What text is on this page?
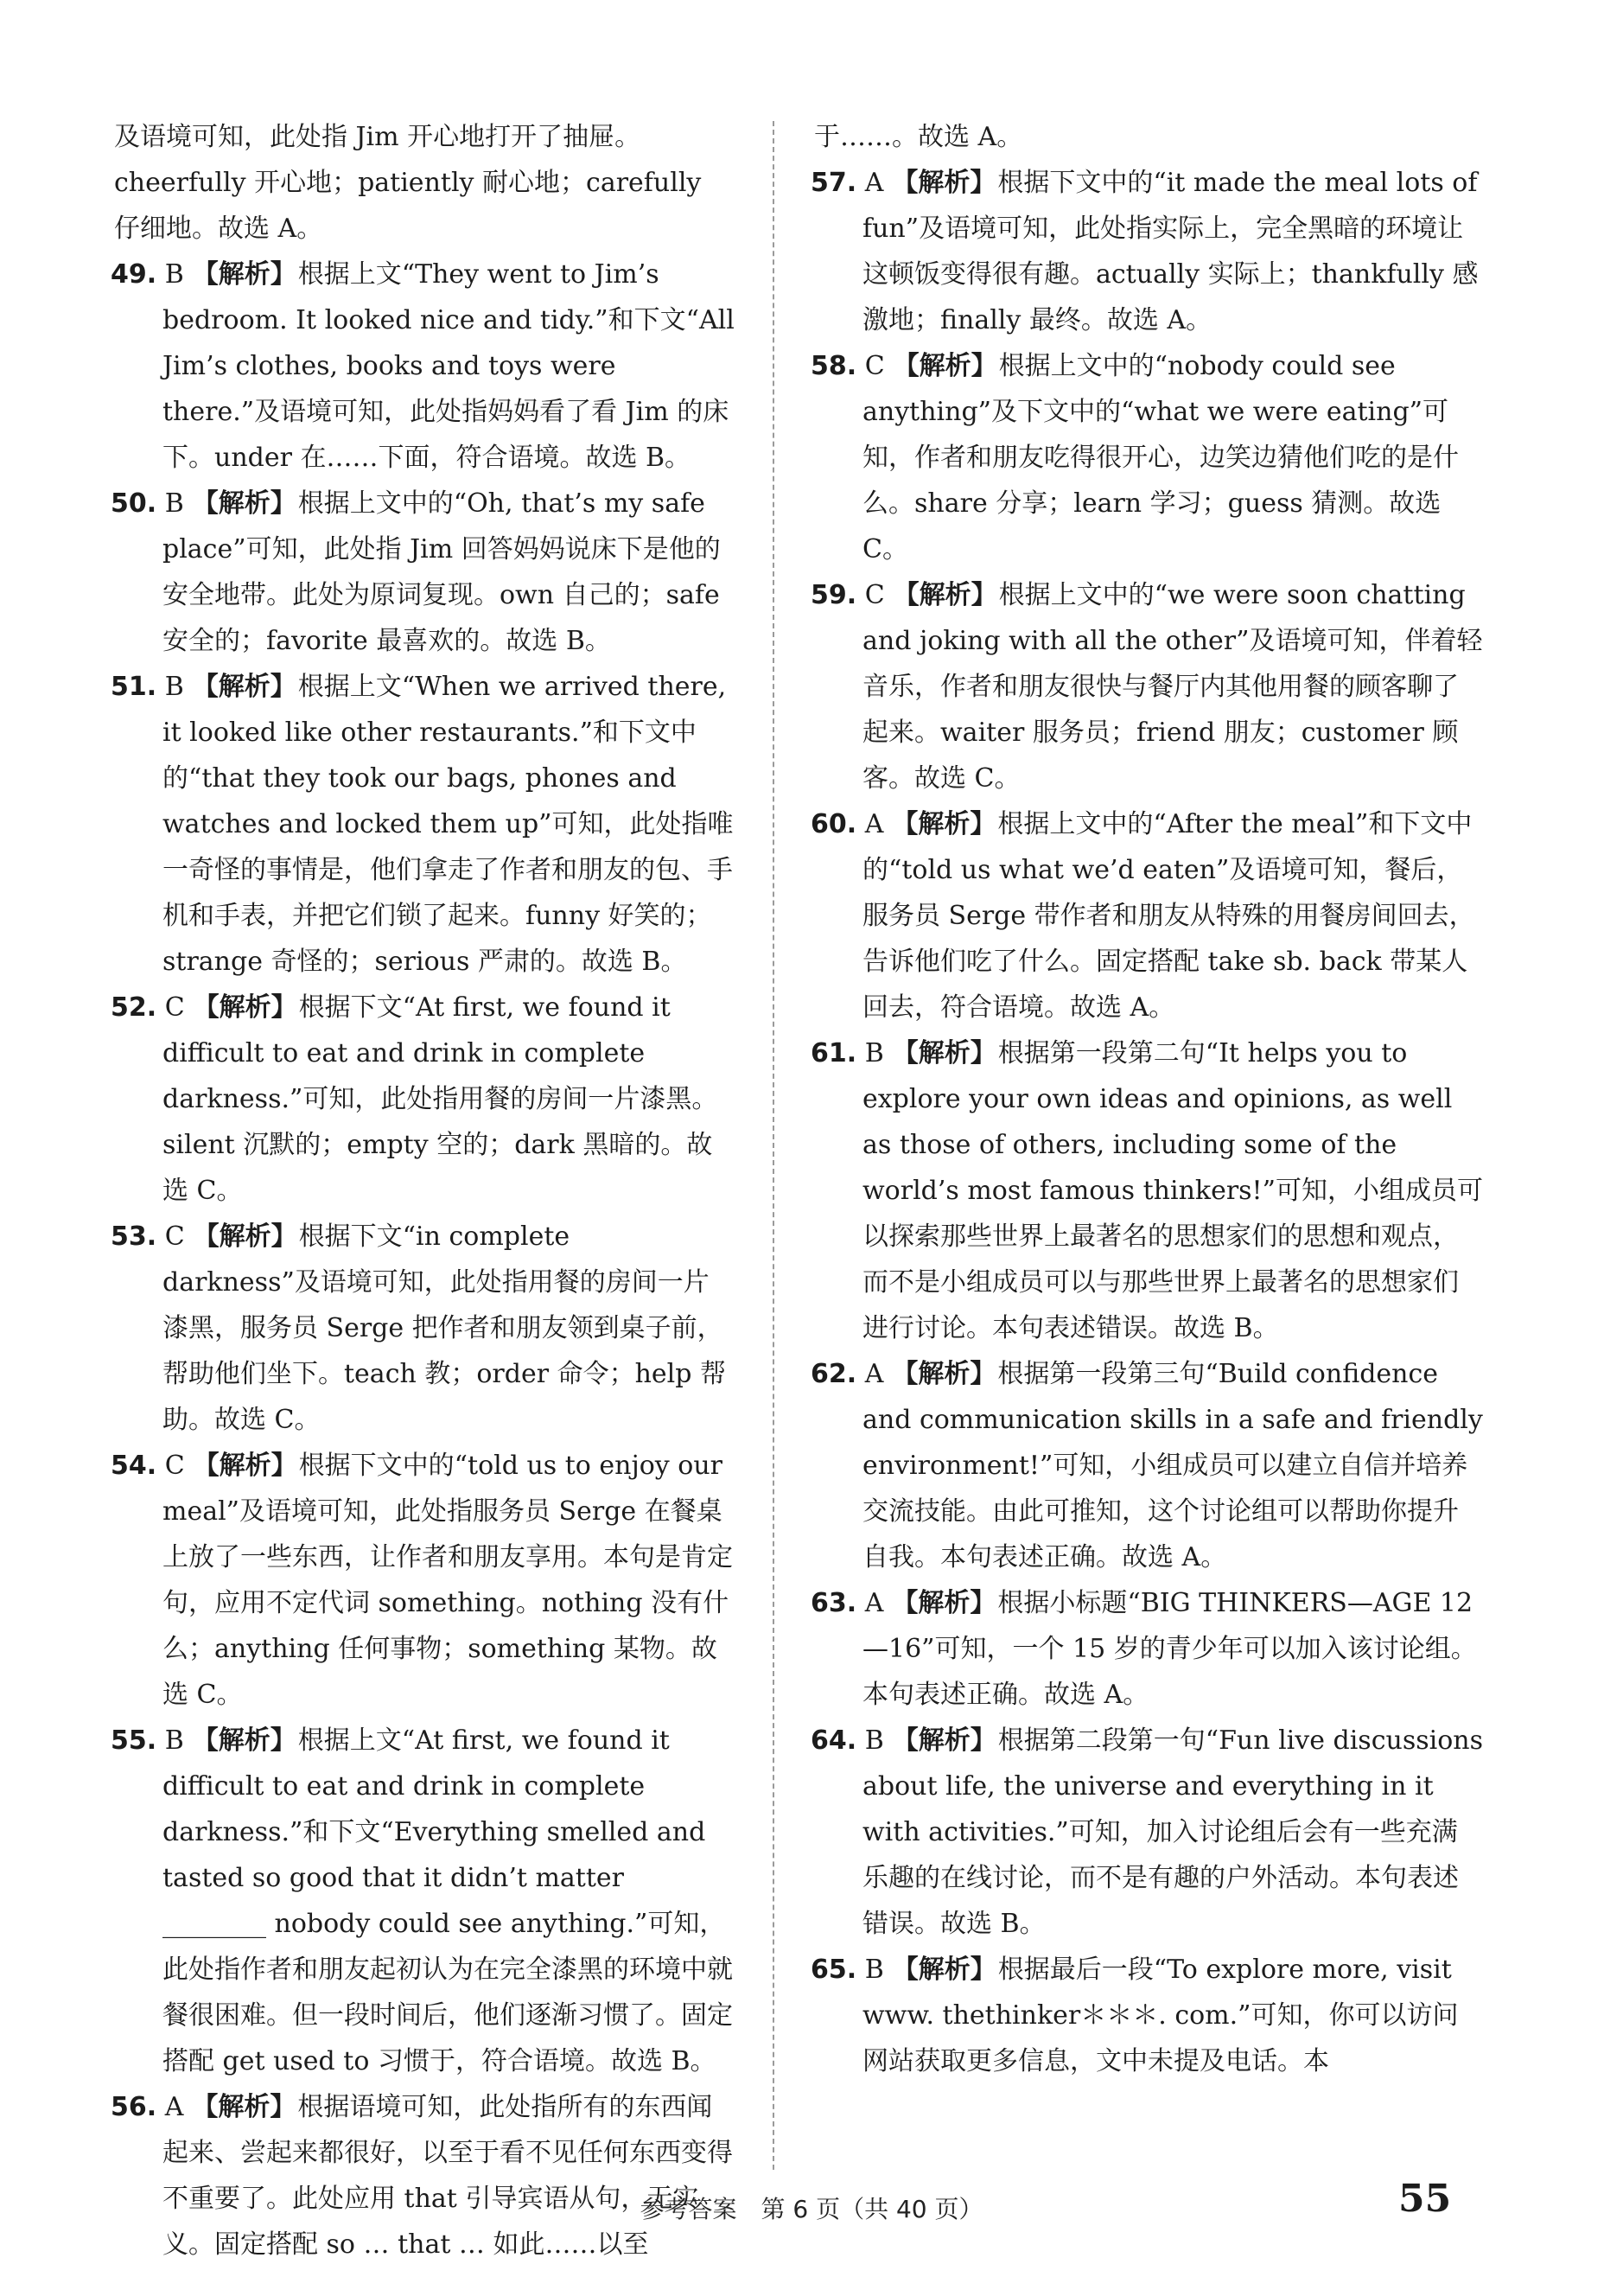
及语境可知，此处指 Jim 开心地打开了抽屉。cheerfully 开心地；patiently 耐心地；carefully 仔细地。故选 A。

49. B 【解析】根据上文“They went to Jim’s bedroom. It looked nice and tidy.”和下文“All Jim’s clothes, books and toys were there.”及语境可知，此处指妈妈看了看 Jim 的床下。under 在……下面，符合语境。故选 B。

50. B 【解析】根据上文中的“Oh, that’s my safe place”可知，此处指 Jim 回答妈妈说床下是他的安全地带。此处为原词复现。own 自己的；safe 安全的；favorite 最喜欢的。故选 B。

51. B 【解析】根据上文“When we arrived there, it looked like other restaurants.”和下文中的“that they took our bags, phones and watches and locked them up”可知，此处指唯一奇怪的事情是，他们拿走了作者和朋友的包、手机和手表，并把它们锁了起来。funny 好笑的；strange 奇怪的；serious 严肃的。故选 B。

52. C 【解析】根据下文“At first, we found it difficult to eat and drink in complete darkness.”可知，此处指用餐的房间一片漆黑。silent 沉默的；empty 空的；dark 黑暗的。故选 C。

53. C 【解析】根据下文“in complete darkness”及语境可知，此处指用餐的房间一片漆黑，服务员 Serge 把作者和朋友领到桌子前，帮助他们坐下。teach 教；order 命令；help 帮助。故选 C。

54. C 【解析】根据下文中的“told us to enjoy our meal”及语境可知，此处指服务员 Serge 在餐桌上放了一些东西，让作者和朋友享用。本句是肯定句，应用不定代词 something。nothing 没有什么；anything 任何事物；something 某物。故选 C。

55. B 【解析】根据上文“At first, we found it difficult to eat and drink in complete darkness.”和下文“Everything smelled and tasted so good that it didn’t matter ________ nobody could see anything.”可知，此处指作者和朋友起初认为在完全漆黑的环境中就餐很困难。但一段时间后，他们逐渐习惯了。固定搭配 get used to 习惯于，符合语境。故选 B。

56. A 【解析】根据语境可知，此处指所有的东西闻起来、尝起来都很好，以至于看不见任何东西变得不重要了。此处应用 that 引导宾语从句，无实义。固定搭配 so … that … 如此……以至

于……。故选 A。

57. A 【解析】根据下文中的“it made the meal lots of fun”及语境可知，此处指实际上，完全黑暗的环境让这顿饭变得很有趣。actually 实际上；thankfully 感激地；finally 最终。故选 A。

58. C 【解析】根据上文中的“nobody could see anything”及下文中的“what we were eating”可知，作者和朋友吃得很开心，边笑边猜他们吃的是什么。share 分享；learn 学习；guess 猜测。故选 C。

59. C 【解析】根据上文中的“we were soon chatting and joking with all the other”及语境可知，伴着轻音乐，作者和朋友很快与餐厅内其他用餐的顾客聊了起来。waiter 服务员；friend 朋友；customer 顾客。故选 C。

60. A 【解析】根据上文中的“After the meal”和下文中的“told us what we’d eaten”及语境可知，餐后，服务员 Serge 带作者和朋友从特殊的用餐房间回去，告诉他们吃了什么。固定搭配 take sb. back 带某人回去，符合语境。故选 A。

61. B 【解析】根据第一段第二句“It helps you to explore your own ideas and opinions, as well as those of others, including some of the world’s most famous thinkers!”可知，小组成员可以探索那些世界上最著名的思想家们的思想和观点，而不是小组成员可以与那些世界上最著名的思想家们进行讨论。本句表述错误。故选 B。

62. A 【解析】根据第一段第三句“Build confidence and communication skills in a safe and friendly environment!”可知，小组成员可以建立自信并培养交流技能。由此可推知，这个讨论组可以帮助你提升自我。本句表述正确。故选 A。

63. A 【解析】根据小标题“BIG THINKERS—AGE 12—16”可知，一个 15 岁的青少年可以加入该讨论组。本句表述正确。故选 A。

64. B 【解析】根据第二段第一句“Fun live discussions about life, the universe and everything in it with activities.”可知，加入讨论组后会有一些充满乐趣的在线讨论，而不是有趣的户外活动。本句表述错误。故选 B。

65. B 【解析】根据最后一段“To explore more, visit www. thethinker＊＊＊. com.”可知，你可以访问网站获取更多信息，文中未提及电话。本

参考答案　第 6 页（共 40 页）	55
